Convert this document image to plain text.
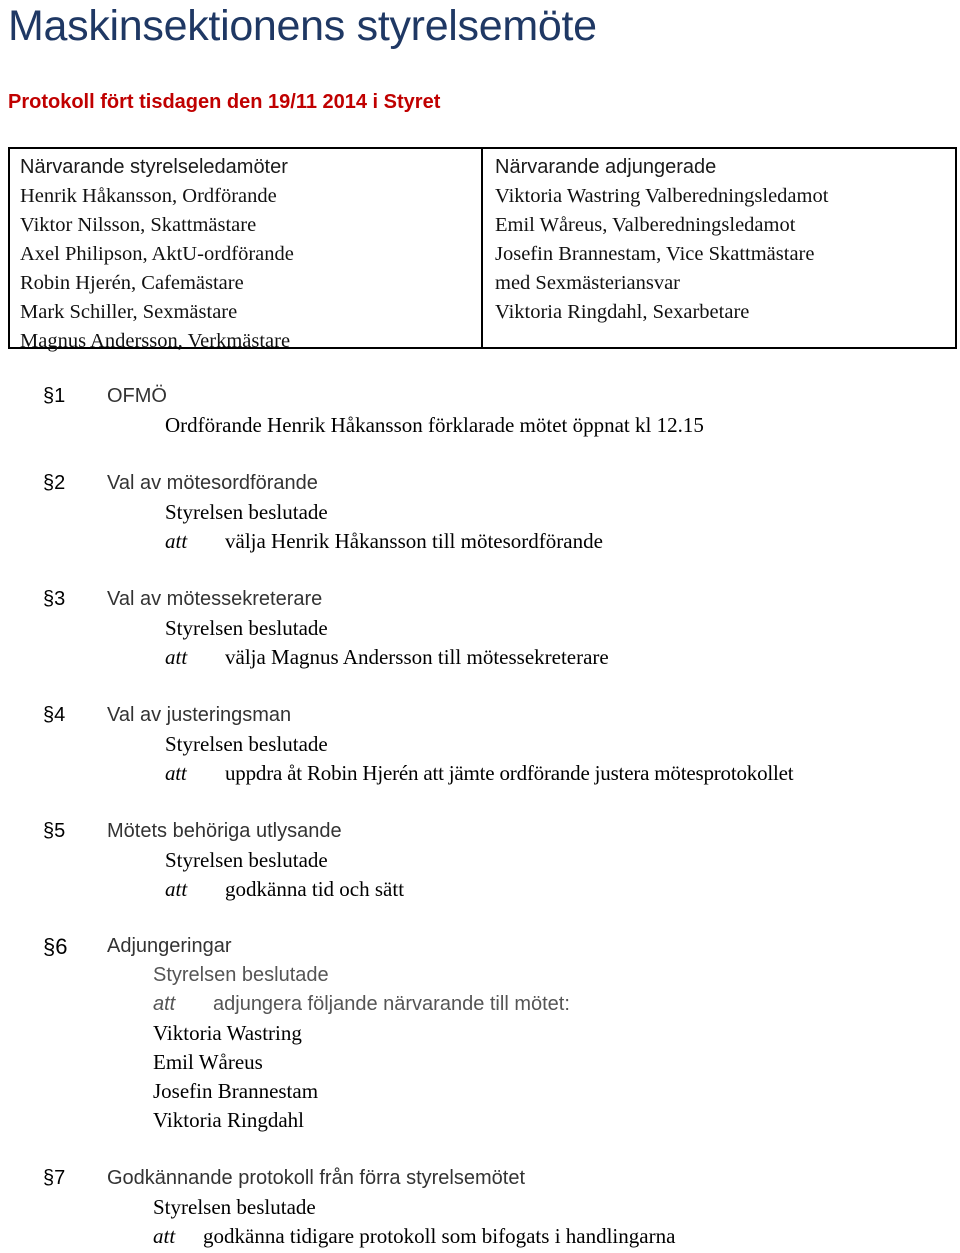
Maskinsektionens styrelsemöte
Protokoll fört tisdagen den 19/11 2014 i Styret
Närvarande styrelseledamöter
Henrik Håkansson, Ordförande
Viktor Nilsson, Skattmästare
Axel Philipson, AktU-ordförande
Robin Hjerén, Cafemästare
Mark Schiller, Sexmästare
Magnus Andersson, Verkmästare
Närvarande adjungerade
Viktoria Wastring Valberedningsledamot
Emil Wåreus, Valberedningsledamot
Josefin Brannestam, Vice Skattmästare
med Sexmästeriansvar
Viktoria Ringdahl, Sexarbetare
§1 OFMÖ
Ordförande Henrik Håkansson förklarade mötet öppnat kl 12.15
§2 Val av mötesordförande
Styrelsen beslutade
att välja Henrik Håkansson till mötesordförande
§3 Val av mötessekreterare
Styrelsen beslutade
att välja Magnus Andersson till mötessekreterare
§4 Val av justeringsman
Styrelsen beslutade
att uppdra åt Robin Hjerén att jämte ordförande justera mötesprotokollet
§5 Mötets behöriga utlysande
Styrelsen beslutade
att godkänna tid och sätt
§6 Adjungeringar
Styrelsen beslutade
att adjungera följande närvarande till mötet:
Viktoria Wastring
Emil Wåreus
Josefin Brannestam
Viktoria Ringdahl
§7 Godkännande protokoll från förra styrelsemötet
Styrelsen beslutade
att godkänna tidigare protokoll som bifogats i handlingarna
